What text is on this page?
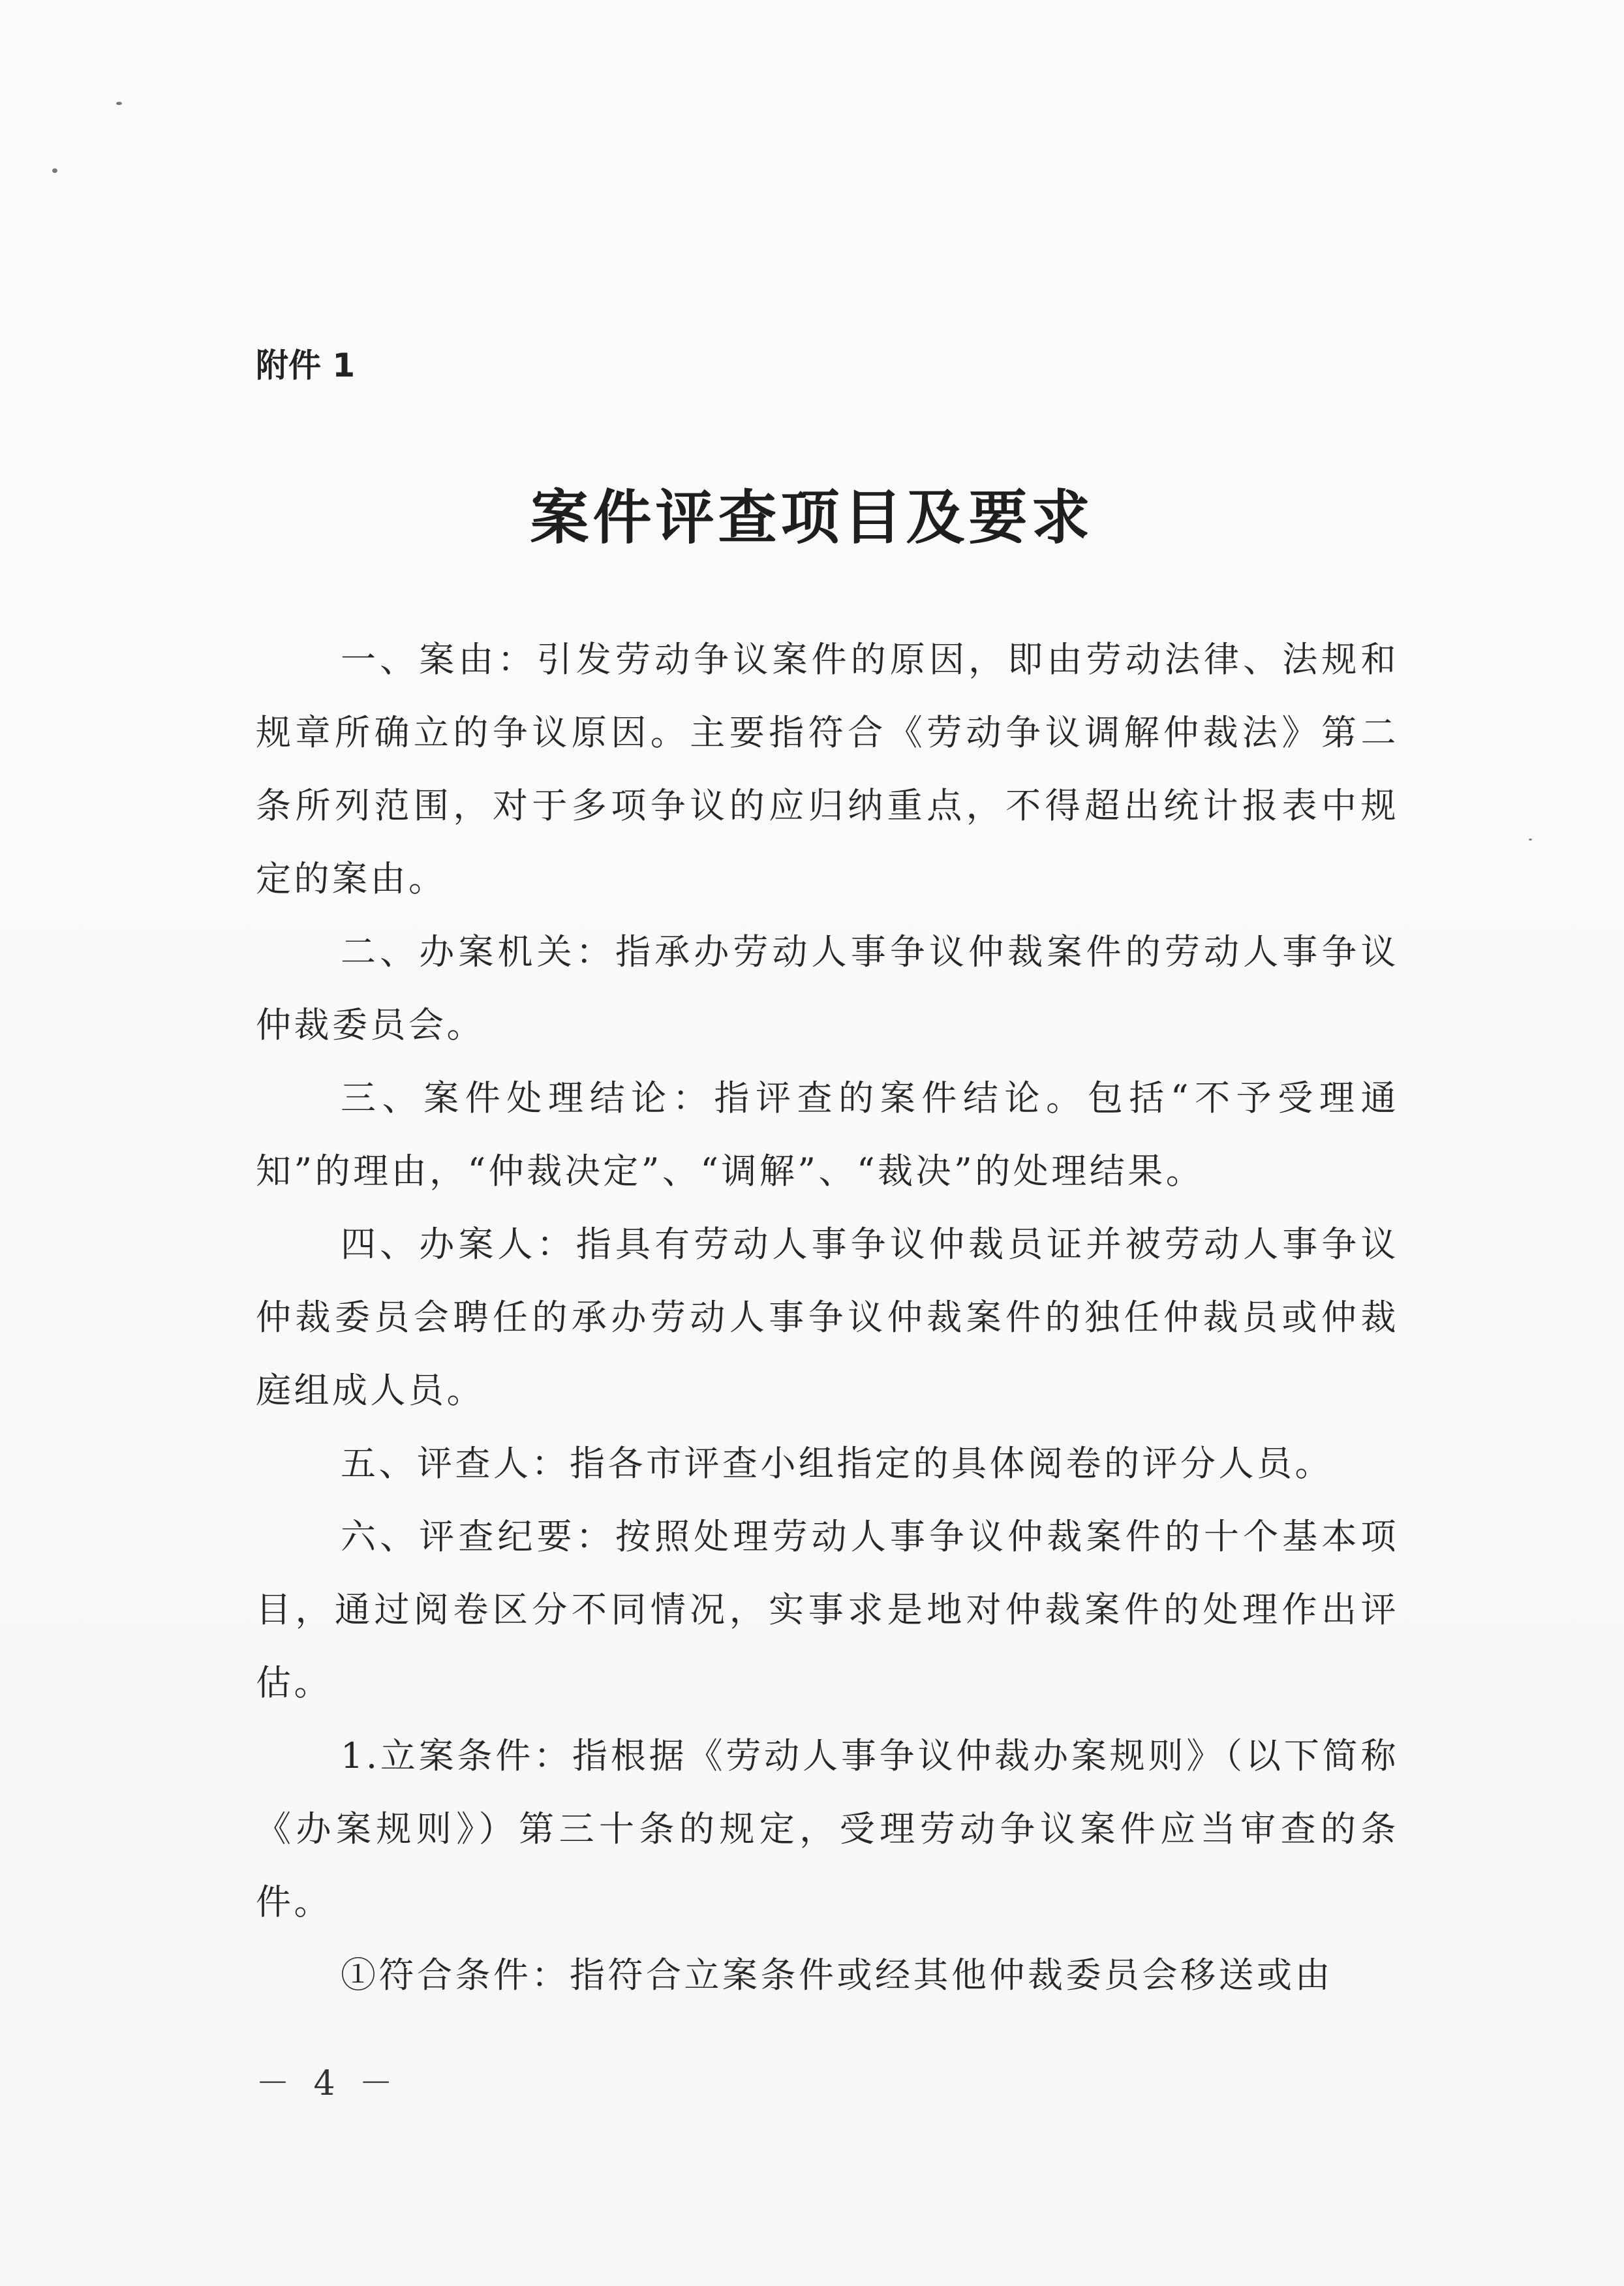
附件 1
案件评查项目及要求

一、案由：引发劳动争议案件的原因，即由劳动法律、法规和规章所确立的争议原因。主要指符合《劳动争议调解仲裁法》第二条所列范围，对于多项争议的应归纳重点，不得超出统计报表中规定的案由。

二、办案机关：指承办劳动人事争议仲裁案件的劳动人事争议仲裁委员会。

三、案件处理结论：指评查的案件结论。包括“不予受理通知”的理由，“仲裁决定”、“调解”、“裁决”的处理结果。

四、办案人：指具有劳动人事争议仲裁员证并被劳动人事争议仲裁委员会聘任的承办劳动人事争议仲裁案件的独任仲裁员或仲裁庭组成人员。

五、评查人：指各市评查小组指定的具体阅卷的评分人员。

六、评查纪要：按照处理劳动人事争议仲裁案件的十个基本项目，通过阅卷区分不同情况，实事求是地对仲裁案件的处理作出评估。

1.立案条件：指根据《劳动人事争议仲裁办案规则》（以下简称《办案规则》）第三十条的规定，受理劳动争议案件应当审查的条件。

①符合条件：指符合立案条件或经其他仲裁委员会移送或由

－ 4 －
